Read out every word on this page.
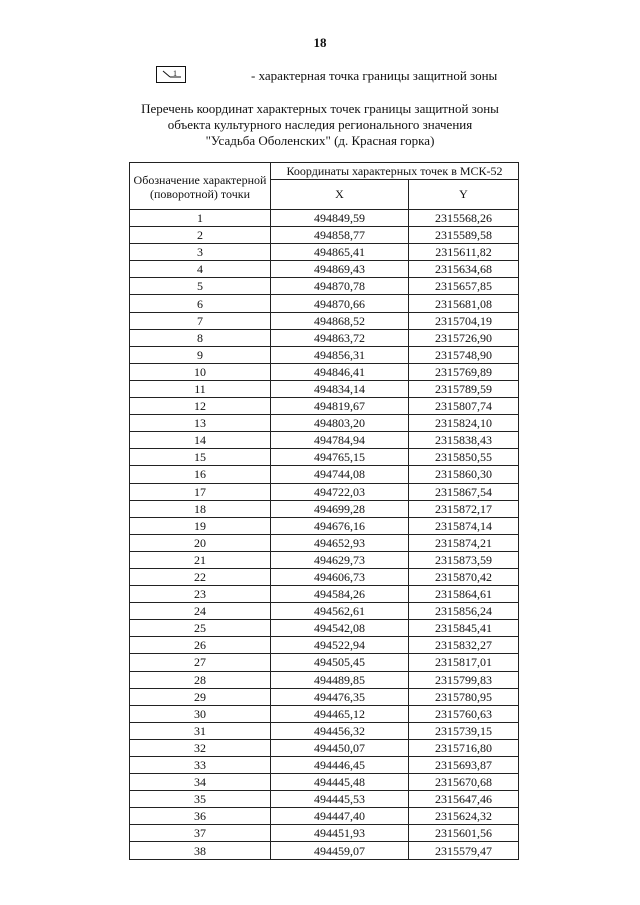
18
1	- характерная точка границы защитной зоны
Перечень координат характерных точек границы защитной зоны
объекта культурного наследия регионального значения
"Усадьба Оболенских" (д. Красная горка)
Обозначение характерной (поворотной) точки	Координаты характерных точек в МСК-52	
	X	Y
1	494849,59	2315568,26
2	494858,77	2315589,58
3	494865,41	2315611,82
4	494869,43	2315634,68
5	494870,78	2315657,85
6	494870,66	2315681,08
7	494868,52	2315704,19
8	494863,72	2315726,90
9	494856,31	2315748,90
10	494846,41	2315769,89
11	494834,14	2315789,59
12	494819,67	2315807,74
13	494803,20	2315824,10
14	494784,94	2315838,43
15	494765,15	2315850,55
16	494744,08	2315860,30
17	494722,03	2315867,54
18	494699,28	2315872,17
19	494676,16	2315874,14
20	494652,93	2315874,21
21	494629,73	2315873,59
22	494606,73	2315870,42
23	494584,26	2315864,61
24	494562,61	2315856,24
25	494542,08	2315845,41
26	494522,94	2315832,27
27	494505,45	2315817,01
28	494489,85	2315799,83
29	494476,35	2315780,95
30	494465,12	2315760,63
31	494456,32	2315739,15
32	494450,07	2315716,80
33	494446,45	2315693,87
34	494445,48	2315670,68
35	494445,53	2315647,46
36	494447,40	2315624,32
37	494451,93	2315601,56
38	494459,07	2315579,47
